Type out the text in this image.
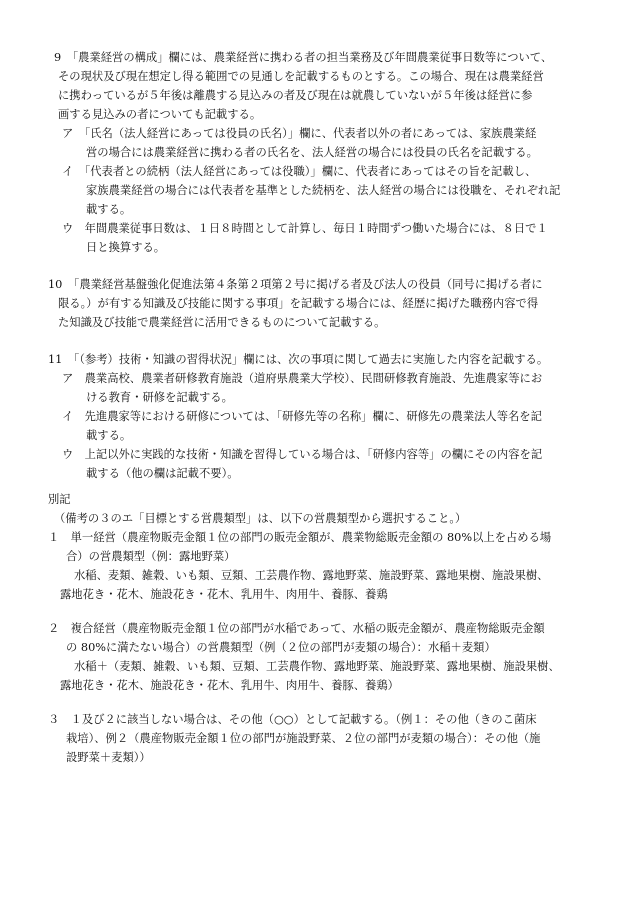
9　「農業経営の構成」欄には、農業経営に携わる者の担当業務及び年間農業従事日数等について、
その現状及び現在想定し得る範囲での見通しを記載するものとする。この場合、現在は農業経営
に携わっているが５年後は離農する見込みの者及び現在は就農していないが５年後は経営に参
画する見込みの者についても記載する。
ア　「氏名（法人経営にあっては役員の氏名）」欄に、代表者以外の者にあっては、家族農業経
営の場合には農業経営に携わる者の氏名を、法人経営の場合には役員の氏名を記載する。
イ　「代表者との続柄（法人経営にあっては役職）」欄に、代表者にあってはその旨を記載し、
家族農業経営の場合には代表者を基準とした続柄を、法人経営の場合には役職を、それぞれ記
載する。
ウ　年間農業従事日数は、１日８時間として計算し、毎日１時間ずつ働いた場合には、８日で１
日と換算する。
10　「農業経営基盤強化促進法第４条第２項第２号に掲げる者及び法人の役員（同号に掲げる者に
限る。）が有する知識及び技能に関する事項」を記載する場合には、経歴に掲げた職務内容で得
た知識及び技能で農業経営に活用できるものについて記載する。
11　「（参考）技術・知識の習得状況」欄には、次の事項に関して過去に実施した内容を記載する。
ア　農業高校、農業者研修教育施設（道府県農業大学校）、民間研修教育施設、先進農家等にお
ける教育・研修を記載する。
イ　先進農家等における研修については、「研修先等の名称」欄に、研修先の農業法人等名を記
載する。
ウ　上記以外に実践的な技術・知識を習得している場合は、「研修内容等」の欄にその内容を記
載する（他の欄は記載不要）。
別記
（備考の３のエ「目標とする営農類型」は、以下の営農類型から選択すること。）
１　単一経営（農産物販売金額１位の部門の販売金額が、農業物総販売金額の 80%以上を占める場
合）の営農類型（例：露地野菜）
水稲、麦類、雑穀、いも類、豆類、工芸農作物、露地野菜、施設野菜、露地果樹、施設果樹、
露地花き・花木、施設花き・花木、乳用牛、肉用牛、養豚、養鶏
２　複合経営（農産物販売金額１位の部門が水稲であって、水稲の販売金額が、農産物総販売金額
の 80%に満たない場合）の営農類型（例（２位の部門が麦類の場合）：水稲＋麦類）
水稲＋（麦類、雑穀、いも類、豆類、工芸農作物、露地野菜、施設野菜、露地果樹、施設果樹、
露地花き・花木、施設花き・花木、乳用牛、肉用牛、養豚、養鶏）
３　１及び２に該当しない場合は、その他（○○）として記載する。（例１：その他（きのこ菌床
栽培）、例２（農産物販売金額１位の部門が施設野菜、２位の部門が麦類の場合）：その他（施
設野菜＋麦類））
